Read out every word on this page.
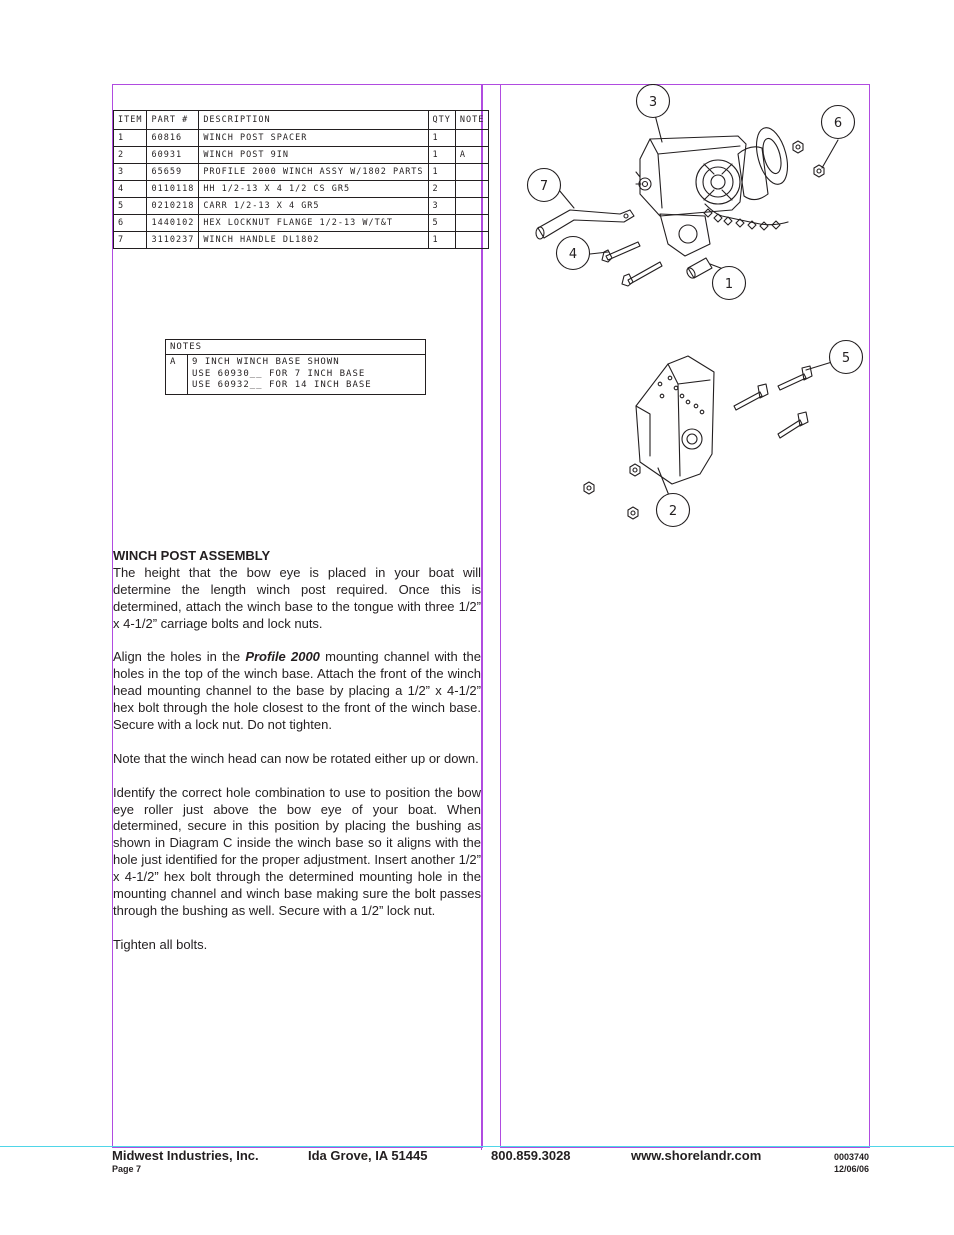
ITEM	PART #	DESCRIPTION	QTY	NOTE
1	60816	WINCH POST SPACER	1	
2	60931	WINCH POST 9IN	1	A
3	65659	PROFILE 2000 WINCH ASSY W/1802 PARTS	1	
4	0110118	HH 1/2-13 X 4 1/2 CS GR5	2	
5	0210218	CARR 1/2-13 X 4 GR5	3	
6	1440102	HEX LOCKNUT FLANGE 1/2-13 W/T&T	5	
7	3110237	WINCH HANDLE DL1802	1	
NOTES
A	9 INCH WINCH BASE SHOWN
USE 60930__ FOR 7 INCH BASE
USE 60932__ FOR 14 INCH BASE
WINCH POST ASSEMBLY

The height that the bow eye is placed in your boat will determine the length winch post required. Once this is determined, attach the winch base to the tongue with three 1/2” x 4-1/2” carriage bolts and lock nuts.

Align the holes in the Profile 2000 mounting channel with the holes in the top of the winch base. Attach the front of the winch head mounting channel to the base by placing a 1/2” x 4-1/2” hex bolt through the hole closest to the front of the winch base. Secure with a lock nut. Do not tighten.

Note that the winch head can now be rotated either up or down.

Identify the correct hole combination to use to position the bow eye roller just above the bow eye of your boat. When determined, secure in this position by placing the bushing as shown in Diagram C inside the winch base so it aligns with the hole just identified for the proper adjustment. Insert another 1/2” x 4-1/2” hex bolt through the determined mounting hole in the mounting channel and winch base making sure the bolt passes through the bushing as well. Secure with a 1/2” lock nut.

Tighten all bolts.

3
6
7
4
1
5
2
Midwest Industries, Inc.	Ida Grove, IA 51445	800.859.3028	www.shorelandr.com
Page 7
0003740
12/06/06
